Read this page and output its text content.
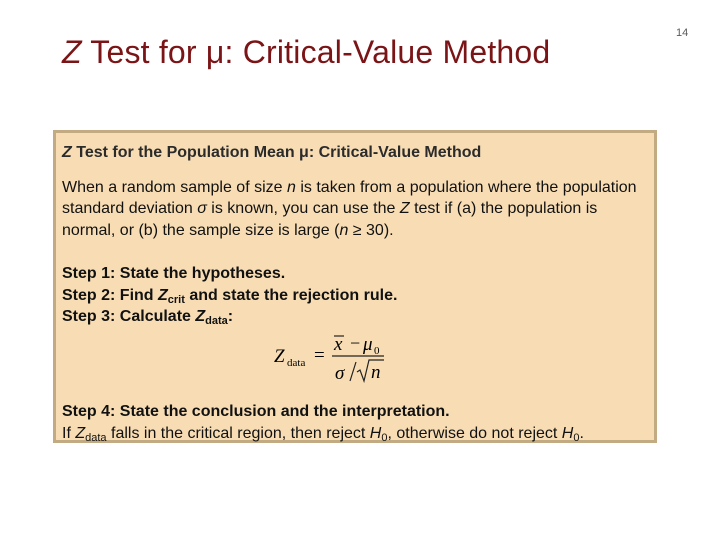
Z Test for μ: Critical-Value Method
14
Z Test for the Population Mean μ: Critical-Value Method

When a random sample of size n is taken from a population where the population standard deviation σ is known, you can use the Z test if (a) the population is normal, or (b) the sample size is large (n ≥ 30).

Step 1: State the hypotheses.
Step 2: Find $Z_{crit}$ and state the rejection rule.
Step 3: Calculate $Z_{data}$:
Z data =
x − μ 0
σ n
Step 4: State the conclusion and the interpretation.
If $Z_{data}$ falls in the critical region, then reject $H_0$, otherwise do not reject $H_0$.
